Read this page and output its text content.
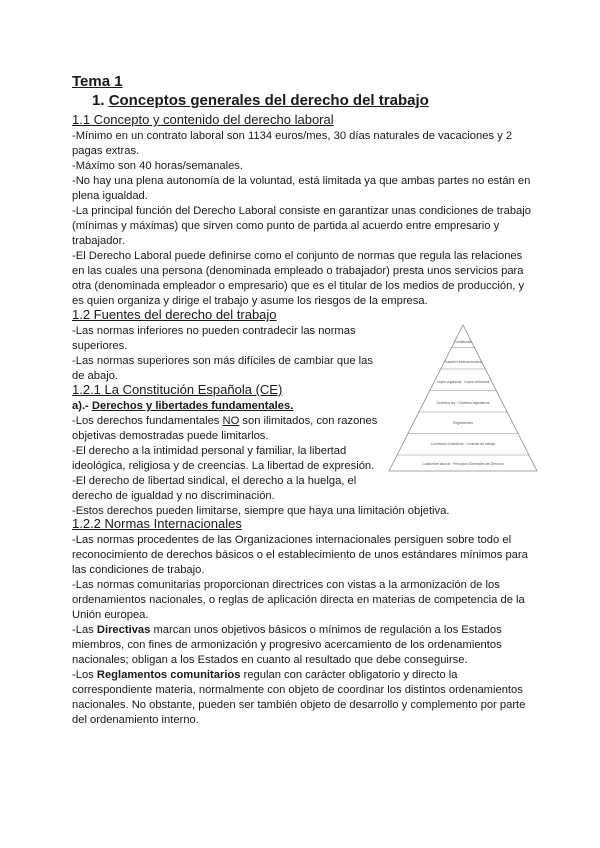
Tema 1
1. Conceptos generales del derecho del trabajo
1.1 Concepto y contenido del derecho laboral
-Mínimo en un contrato laboral son 1134 euros/mes, 30 días naturales de vacaciones y 2
pagas extras.
-Máximo son 40 horas/semanales.
-No hay una plena autonomía de la voluntad, está limitada ya que ambas partes no están en
plena igualdad.
-La principal función del Derecho Laboral consiste en garantizar unas condiciones de trabajo
(mínimas y máximas) que sirven como punto de partida al acuerdo entre empresario y
trabajador.
-El Derecho Laboral puede definirse como el conjunto de normas que regula las relaciones
en las cuales una persona (denominada empleado o trabajador) presta unos servicios para
otra (denominada empleador o empresario) que es el titular de los medios de producción, y
es quien organiza y dirige el trabajo y asume los riesgos de la empresa.
1.2 Fuentes del derecho del trabajo
-Las normas inferiores no pueden contradecir las normas
superiores.
-Las normas superiores son más difíciles de cambiar que las
de abajo.
1.2.1 La Constitución Española (CE)
a).- Derechos y libertades fundamentales.
-Los derechos fundamentales NO son ilimitados, con razones
objetivas demostradas puede limitarlos.
-El derecho a la intimidad personal y familiar, la libertad
ideológica, religiosa y de creencias. La libertad de expresión.
-El derecho de libertad sindical, el derecho a la huelga, el
derecho de igualdad y no discriminación.
-Estos derechos pueden limitarse, siempre que haya una limitación objetiva.
1.2.2 Normas Internacionales
-Las normas procedentes de las Organizaciones internacionales persiguen sobre todo el
reconocimiento de derechos básicos o el establecimiento de unos estándares mínimos para
las condiciones de trabajo.
-Las normas comunitarias proporcionan directrices con vistas a la armonización de los
ordenamientos nacionales, o reglas de aplicación directa en materias de competencia de la
Unión europea.
-Las Directivas marcan unos objetivos básicos o mínimos de regulación a los Estados
miembros, con fines de armonización y progresivo acercamiento de los ordenamientos
nacionales; obligan a los Estados en cuanto al resultado que debe conseguirse.
-Los Reglamentos comunitarios regulan con carácter obligatorio y directo la
correspondiente materia, normalmente con objeto de coordinar los distintos ordenamientos
nacionales. No obstante, pueden ser también objeto de desarrollo y complemento por parte
del ordenamiento interno.
Constitución
Tratados Internacionales
Leyes orgánicas · Leyes ordinarias
Decretos ley · Decretos legislativos
Reglamentos
Convenios Colectivos · Contrato de trabajo
Costumbre laboral · Principios Generales del Derecho
